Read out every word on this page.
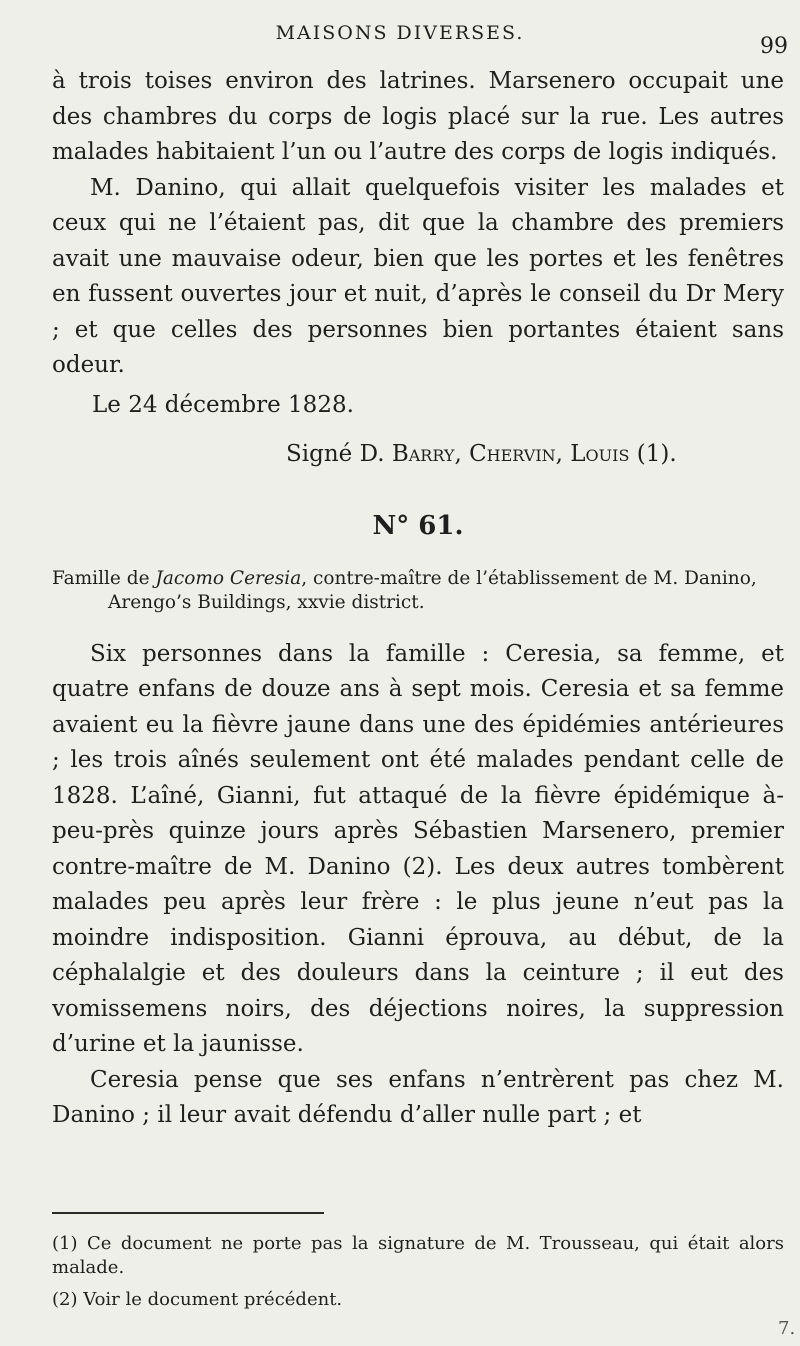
MAISONS DIVERSES.
99

à trois toises environ des latrines. Marsenero occupait une des chambres du corps de logis placé sur la rue. Les autres malades habitaient l’un ou l’autre des corps de logis indiqués.

M. Danino, qui allait quelquefois visiter les malades et ceux qui ne l’étaient pas, dit que la chambre des premiers avait une mauvaise odeur, bien que les portes et les fenêtres en fussent ouvertes jour et nuit, d’après le conseil du Dr Mery ; et que celles des personnes bien portantes étaient sans odeur.

Le 24 décembre 1828.

Signé D. Barry, Chervin, Louis (1).

N° 61.

Famille de Jacomo Ceresia, contre-maître de l’établissement de M. Danino, Arengo’s Buildings, xxvie district.

Six personnes dans la famille : Ceresia, sa femme, et quatre enfans de douze ans à sept mois. Ceresia et sa femme avaient eu la fièvre jaune dans une des épidémies antérieures ; les trois aînés seulement ont été malades pendant celle de 1828. L’aîné, Gianni, fut attaqué de la fièvre épidémique à-peu-près quinze jours après Sébastien Marsenero, premier contre-maître de M. Danino (2). Les deux autres tombèrent malades peu après leur frère : le plus jeune n’eut pas la moindre indisposition. Gianni éprouva, au début, de la céphalalgie et des douleurs dans la ceinture ; il eut des vomissemens noirs, des déjections noires, la suppression d’urine et la jaunisse.

Ceresia pense que ses enfans n’entrèrent pas chez M. Danino ; il leur avait défendu d’aller nulle part ; et

(1) Ce document ne porte pas la signature de M. Trousseau, qui était alors malade.

(2) Voir le document précédent.

7.
